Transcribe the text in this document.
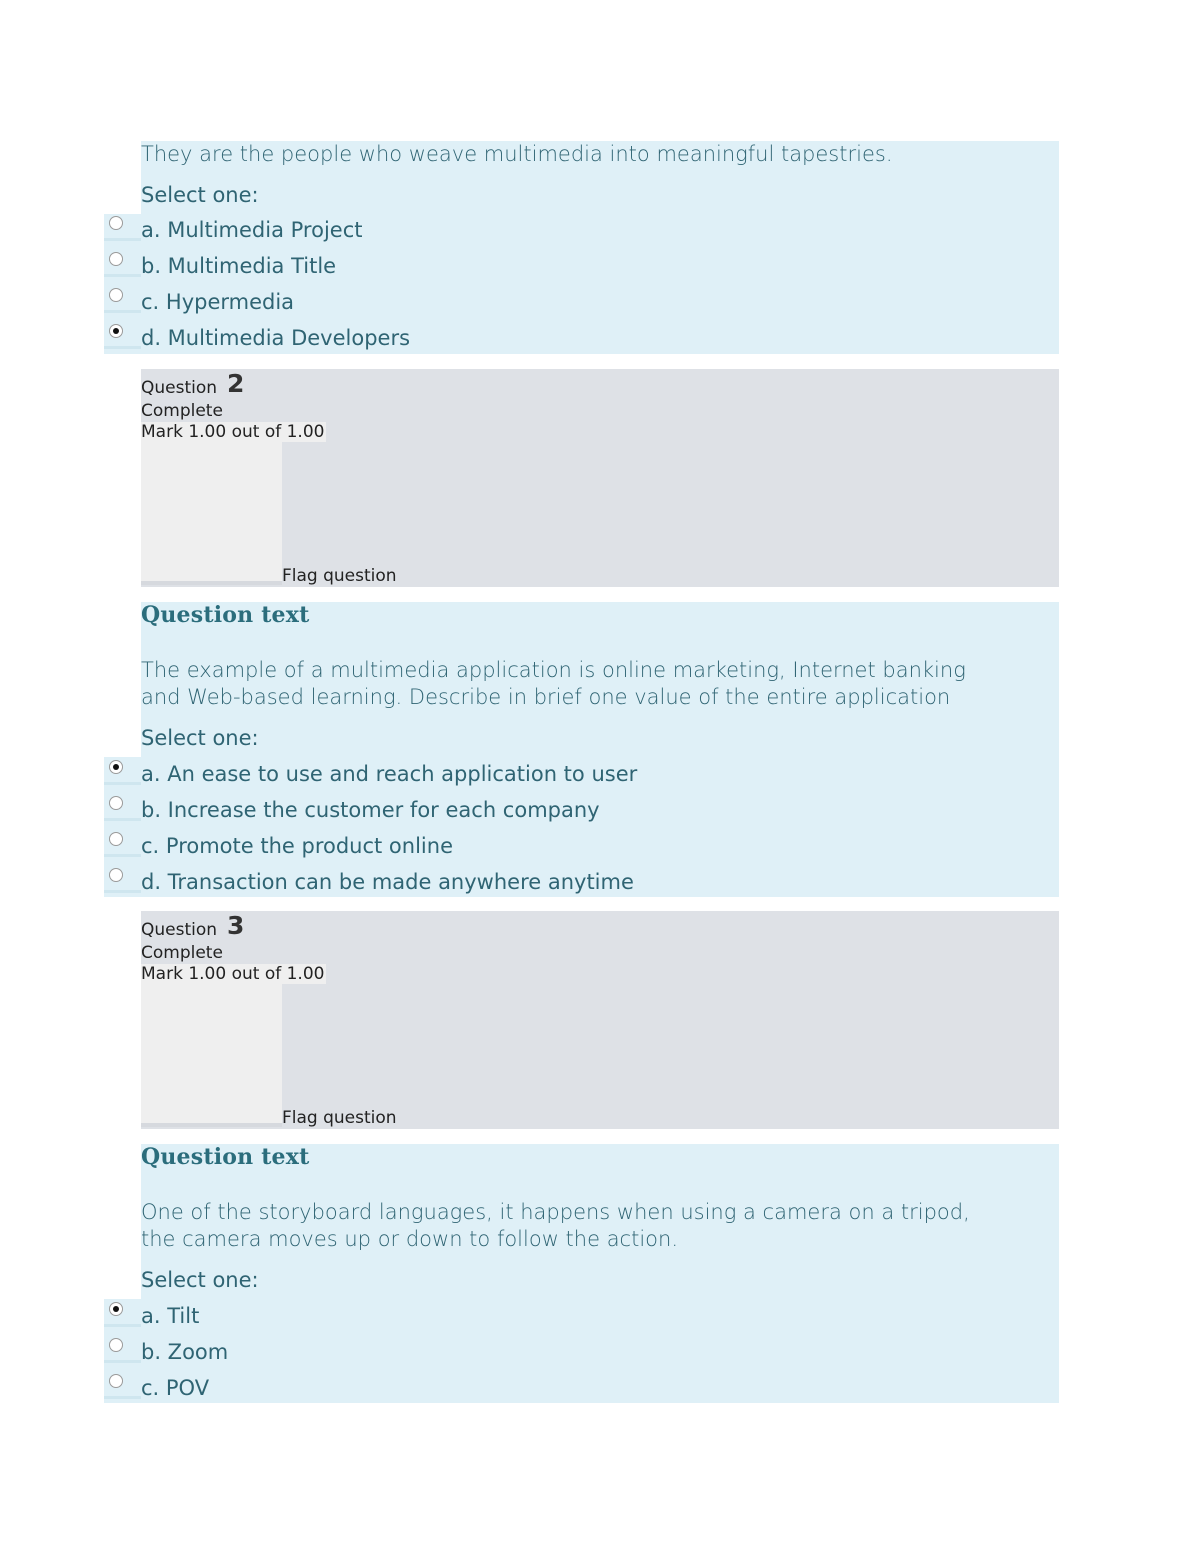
They are the people who weave multimedia into meaningful tapestries.
Select one:
a. Multimedia Project
b. Multimedia Title
c. Hypermedia
d. Multimedia Developers
Question 2
Complete
Mark 1.00 out of 1.00
Flag question
Question text
The example of a multimedia application is online marketing, Internet banking
and Web-based learning. Describe in brief one value of the entire application
Select one:
a. An ease to use and reach application to user
b. Increase the customer for each company
c. Promote the product online
d. Transaction can be made anywhere anytime
Question 3
Complete
Mark 1.00 out of 1.00
Flag question
Question text
One of the storyboard languages, it happens when using a camera on a tripod,
the camera moves up or down to follow the action.
Select one:
a. Tilt
b. Zoom
c. POV
